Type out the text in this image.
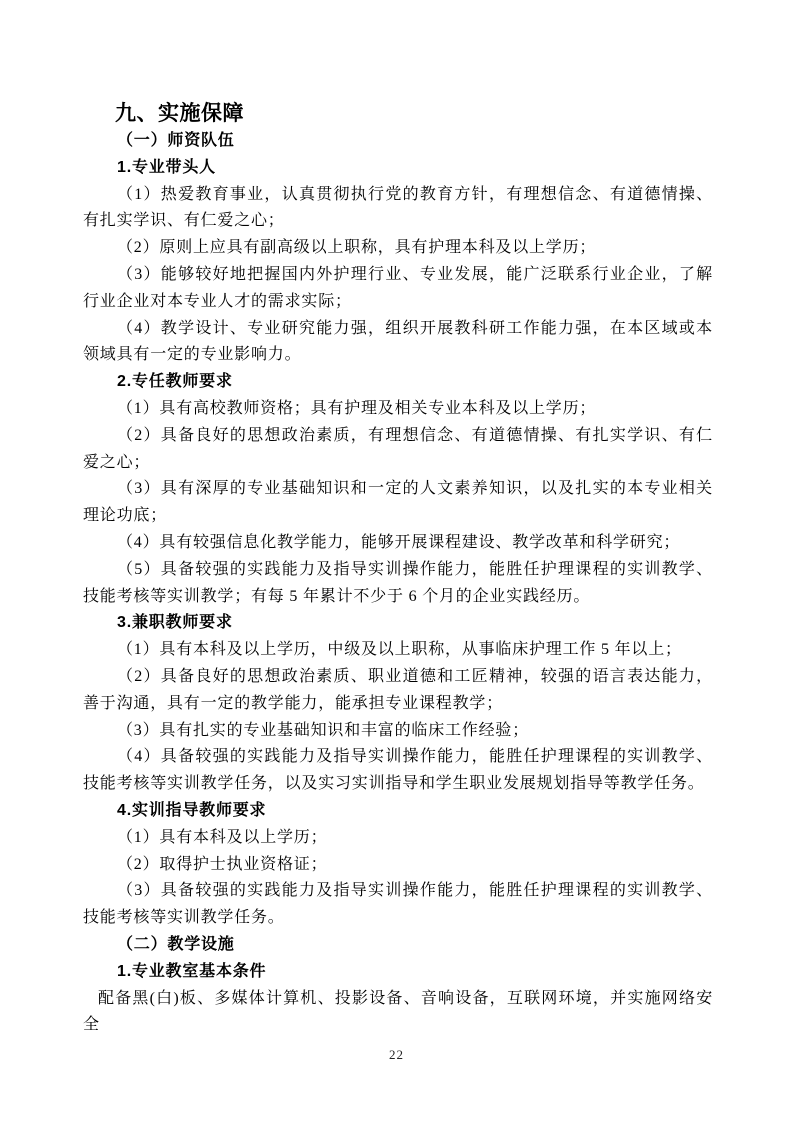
九、实施保障
（一）师资队伍
1.专业带头人
（1）热爱教育事业，认真贯彻执行党的教育方针，有理想信念、有道德情操、有扎实学识、有仁爱之心；
（2）原则上应具有副高级以上职称，具有护理本科及以上学历；
（3）能够较好地把握国内外护理行业、专业发展，能广泛联系行业企业，了解行业企业对本专业人才的需求实际；
（4）教学设计、专业研究能力强，组织开展教科研工作能力强，在本区域或本领域具有一定的专业影响力。
2.专任教师要求
（1）具有高校教师资格；具有护理及相关专业本科及以上学历；
（2）具备良好的思想政治素质，有理想信念、有道德情操、有扎实学识、有仁爱之心；
（3）具有深厚的专业基础知识和一定的人文素养知识，以及扎实的本专业相关理论功底；
（4）具有较强信息化教学能力，能够开展课程建设、教学改革和科学研究；
（5）具备较强的实践能力及指导实训操作能力，能胜任护理课程的实训教学、技能考核等实训教学；有每 5 年累计不少于 6 个月的企业实践经历。
3.兼职教师要求
（1）具有本科及以上学历，中级及以上职称，从事临床护理工作 5 年以上；
（2）具备良好的思想政治素质、职业道德和工匠精神，较强的语言表达能力，善于沟通，具有一定的教学能力，能承担专业课程教学；
（3）具有扎实的专业基础知识和丰富的临床工作经验；
（4）具备较强的实践能力及指导实训操作能力，能胜任护理课程的实训教学、技能考核等实训教学任务，以及实习实训指导和学生职业发展规划指导等教学任务。
4.实训指导教师要求
（1）具有本科及以上学历；
（2）取得护士执业资格证；
（3）具备较强的实践能力及指导实训操作能力，能胜任护理课程的实训教学、技能考核等实训教学任务。
（二）教学设施
1.专业教室基本条件
配备黑(白)板、多媒体计算机、投影设备、音响设备，互联网环境，并实施网络安全
22
